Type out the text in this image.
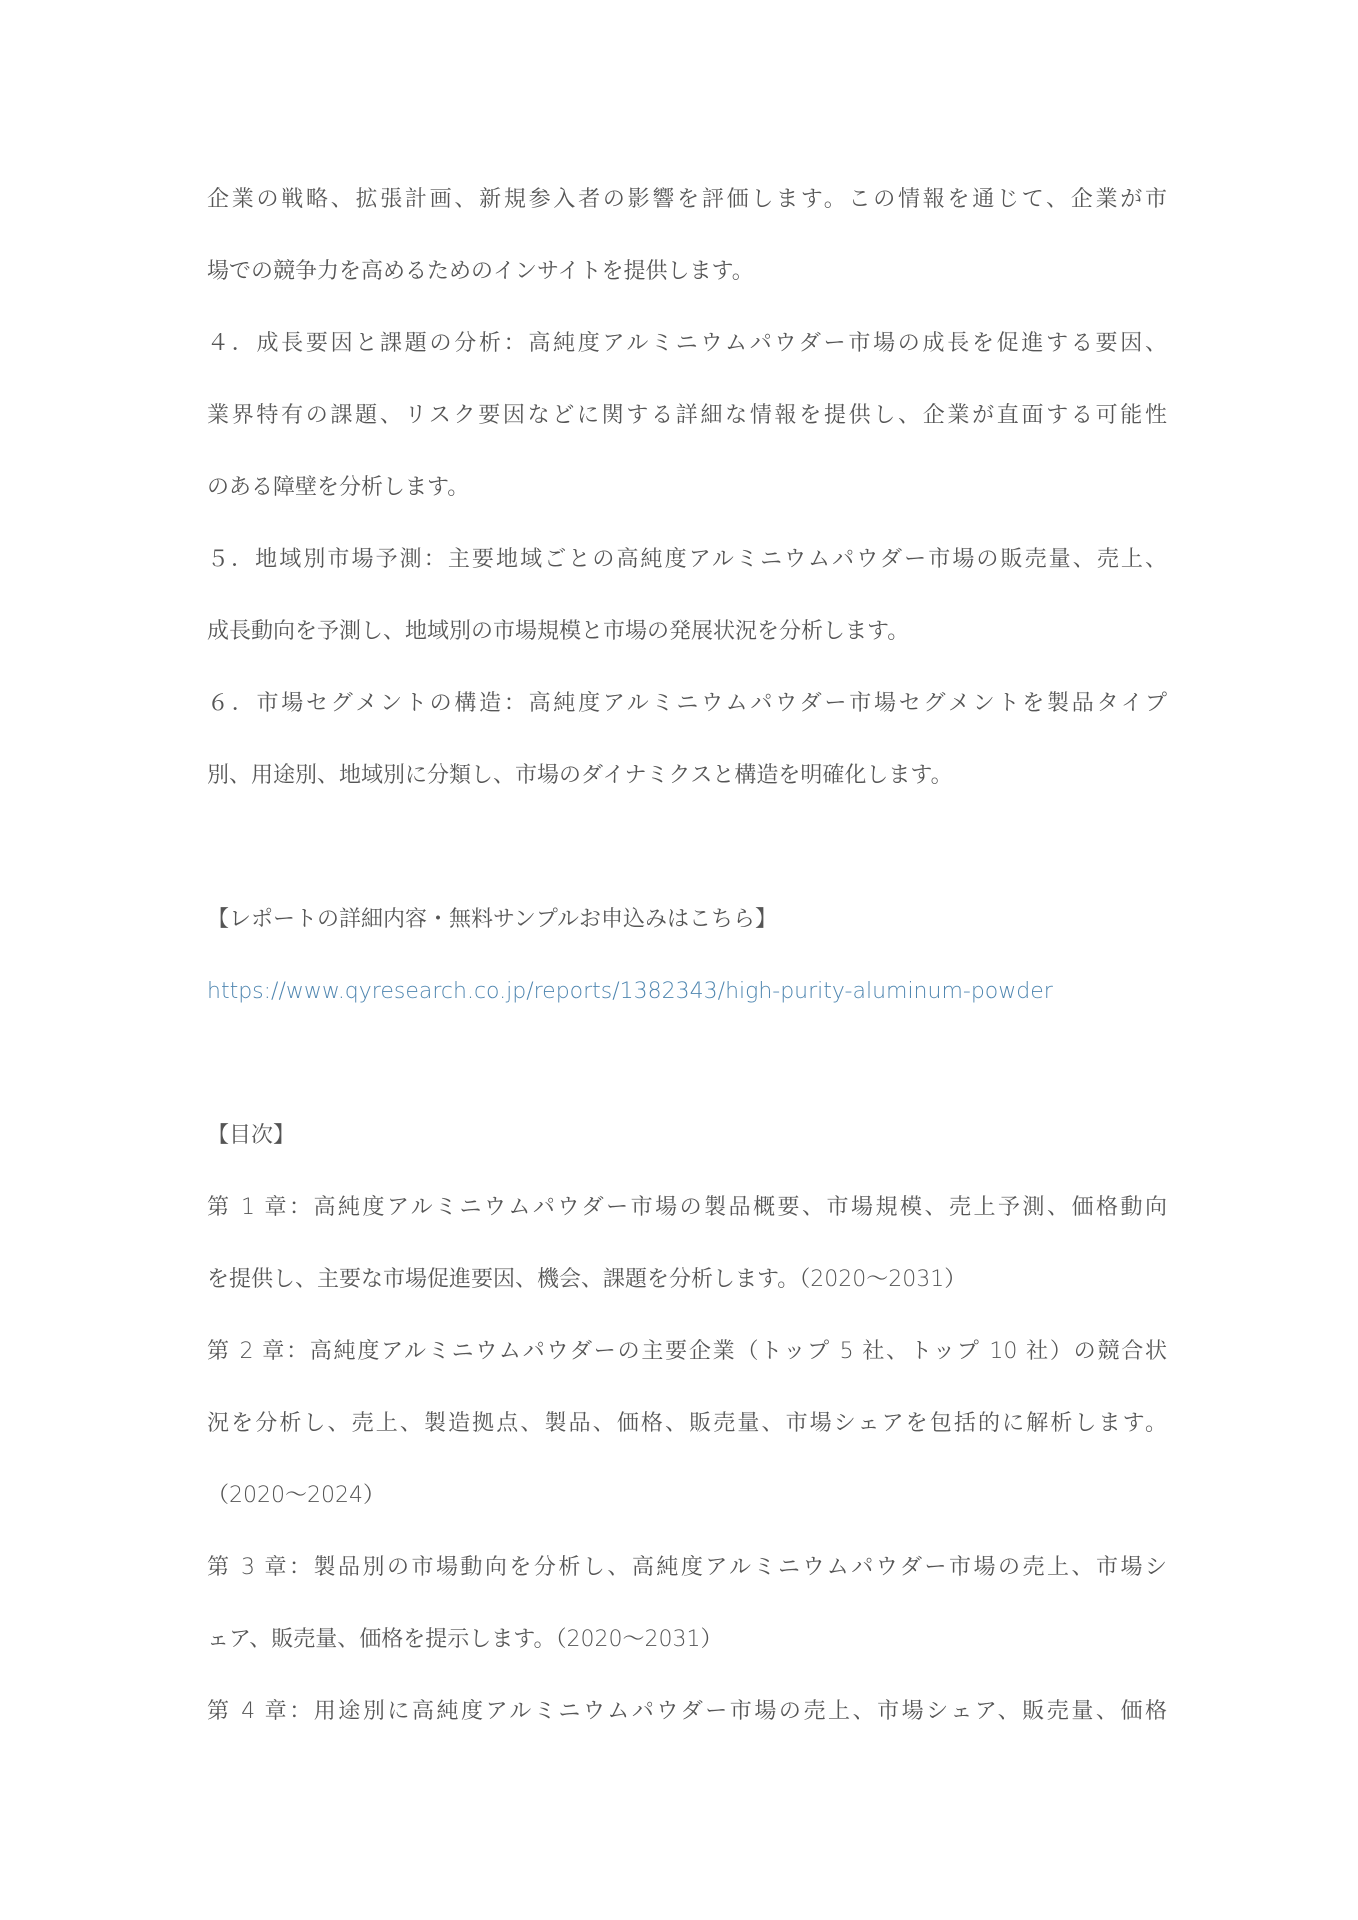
企業の戦略、拡張計画、新規参入者の影響を評価します。この情報を通じて、企業が市
場での競争力を高めるためのインサイトを提供します。
４．成長要因と課題の分析：高純度アルミニウムパウダー市場の成長を促進する要因、
業界特有の課題、リスク要因などに関する詳細な情報を提供し、企業が直面する可能性
のある障壁を分析します。
５．地域別市場予測：主要地域ごとの高純度アルミニウムパウダー市場の販売量、売上、
成長動向を予測し、地域別の市場規模と市場の発展状況を分析します。
６．市場セグメントの構造：高純度アルミニウムパウダー市場セグメントを製品タイプ
別、用途別、地域別に分類し、市場のダイナミクスと構造を明確化します。
【レポートの詳細内容・無料サンプルお申込みはこちら】
https://www.qyresearch.co.jp/reports/1382343/high-purity-aluminum-powder
【目次】
第 1 章：高純度アルミニウムパウダー市場の製品概要、市場規模、売上予測、価格動向
を提供し、主要な市場促進要因、機会、課題を分析します。（2020～2031）
第 2 章：高純度アルミニウムパウダーの主要企業（トップ 5 社、トップ 10 社）の競合状
況を分析し、売上、製造拠点、製品、価格、販売量、市場シェアを包括的に解析します。
（2020～2024）
第 3 章：製品別の市場動向を分析し、高純度アルミニウムパウダー市場の売上、市場シ
ェア、販売量、価格を提示します。（2020～2031）
第 4 章：用途別に高純度アルミニウムパウダー市場の売上、市場シェア、販売量、価格
